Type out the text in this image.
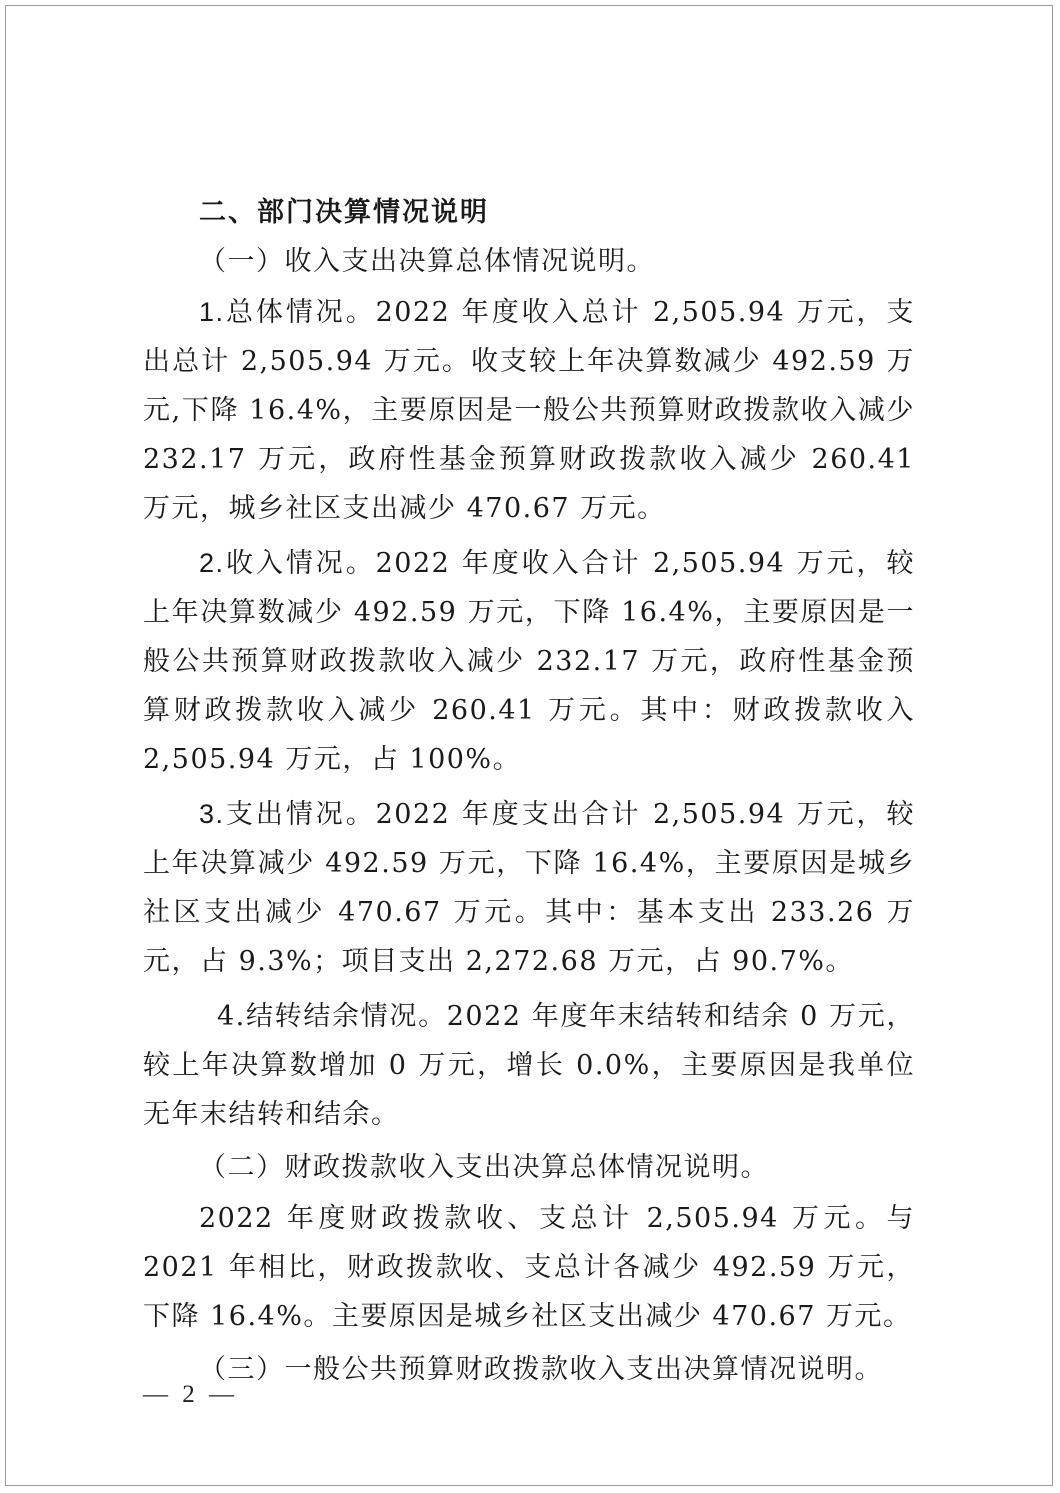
二、部门决算情况说明

（一）收入支出决算总体情况说明。

1.总体情况。2022 年度收入总计 2,505.94 万元，支出总计 2,505.94 万元。收支较上年决算数减少 492.59 万元,下降 16.4%，主要原因是一般公共预算财政拨款收入减少 232.17 万元，政府性基金预算财政拨款收入减少 260.41 万元，城乡社区支出减少 470.67 万元。

2.收入情况。2022 年度收入合计 2,505.94 万元，较上年决算数减少 492.59 万元，下降 16.4%，主要原因是一般公共预算财政拨款收入减少 232.17 万元，政府性基金预算财政拨款收入减少 260.41 万元。其中：财政拨款收入 2,505.94 万元，占 100%。

3.支出情况。2022 年度支出合计 2,505.94 万元，较上年决算减少 492.59 万元，下降 16.4%，主要原因是城乡社区支出减少 470.67 万元。其中：基本支出 233.26 万元，占 9.3%；项目支出 2,272.68 万元，占 90.7%。

4.结转结余情况。2022 年度年末结转和结余 0 万元，较上年决算数增加 0 万元，增长 0.0%，主要原因是我单位无年末结转和结余。

（二）财政拨款收入支出决算总体情况说明。

2022 年度财政拨款收、支总计 2,505.94 万元。与 2021 年相比，财政拨款收、支总计各减少 492.59 万元，下降 16.4%。主要原因是城乡社区支出减少 470.67 万元。

（三）一般公共预算财政拨款收入支出决算情况说明。

— 2 —
